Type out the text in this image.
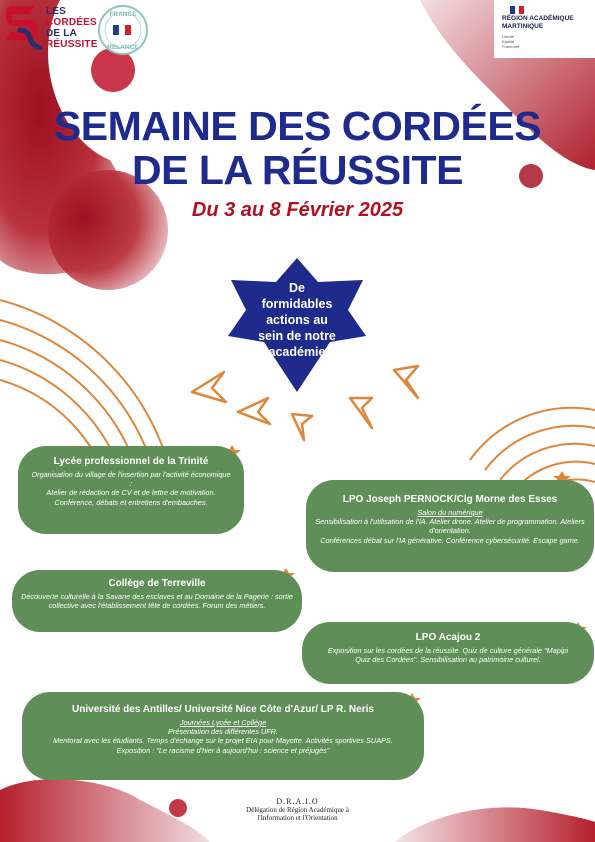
LES
CORDÉES
DE LA
RÉUSSITE
FRANCE
RELANCE
RÉGION ACADÉMIQUE
MARTINIQUE
Liberté
Égalité
Fraternité
SEMAINE DES CORDÉES
DE LA RÉUSSITE
Du 3 au 8 Février 2025
De
formidables
actions au
sein de notre
académie
Lycée professionnel de la Trinité

Organisation du village de l'insertion par l'activité économique :

Atelier de rédaction de CV et de lettre de motivation. Conférence, débats et entretiens d'embauches.	LPO Joseph PERNOCK/Clg Morne des Esses

Salon du numérique

Sensibilisation à l'utilisation de l'IA. Atelier drone. Atelier de programmation. Ateliers d'orientation.

Conférences débat sur l'IA générative. Conférence cybersécurité. Escape game.

Collège de Terreville

Découverte culturelle à la Savane des esclaves et au Domaine de la Pagerie : sortie collective avec l'établissement tête de cordées. Forum des métiers.

LPO Acajou 2

Exposition sur les cordées de la réussite. Quiz de culture générale "Mapipi Quiz des Cordées". Sensibilisation au patrimoine culturel.

Université des Antilles/ Université Nice Côte d'Azur/ LP R. Neris

Journées Lycée et Collège

Présentation des différentes UFR.

Mentorat avec les étudiants. Temps d'échange sur le projet EIA pour Mayotte. Activités sportives SUAPS.

Exposition : "Le racisme d'hier à aujourd'hui : science et préjugés"

D.R.A.I.O
Délégation de Région Académique à
l'Information et l'Orientation
